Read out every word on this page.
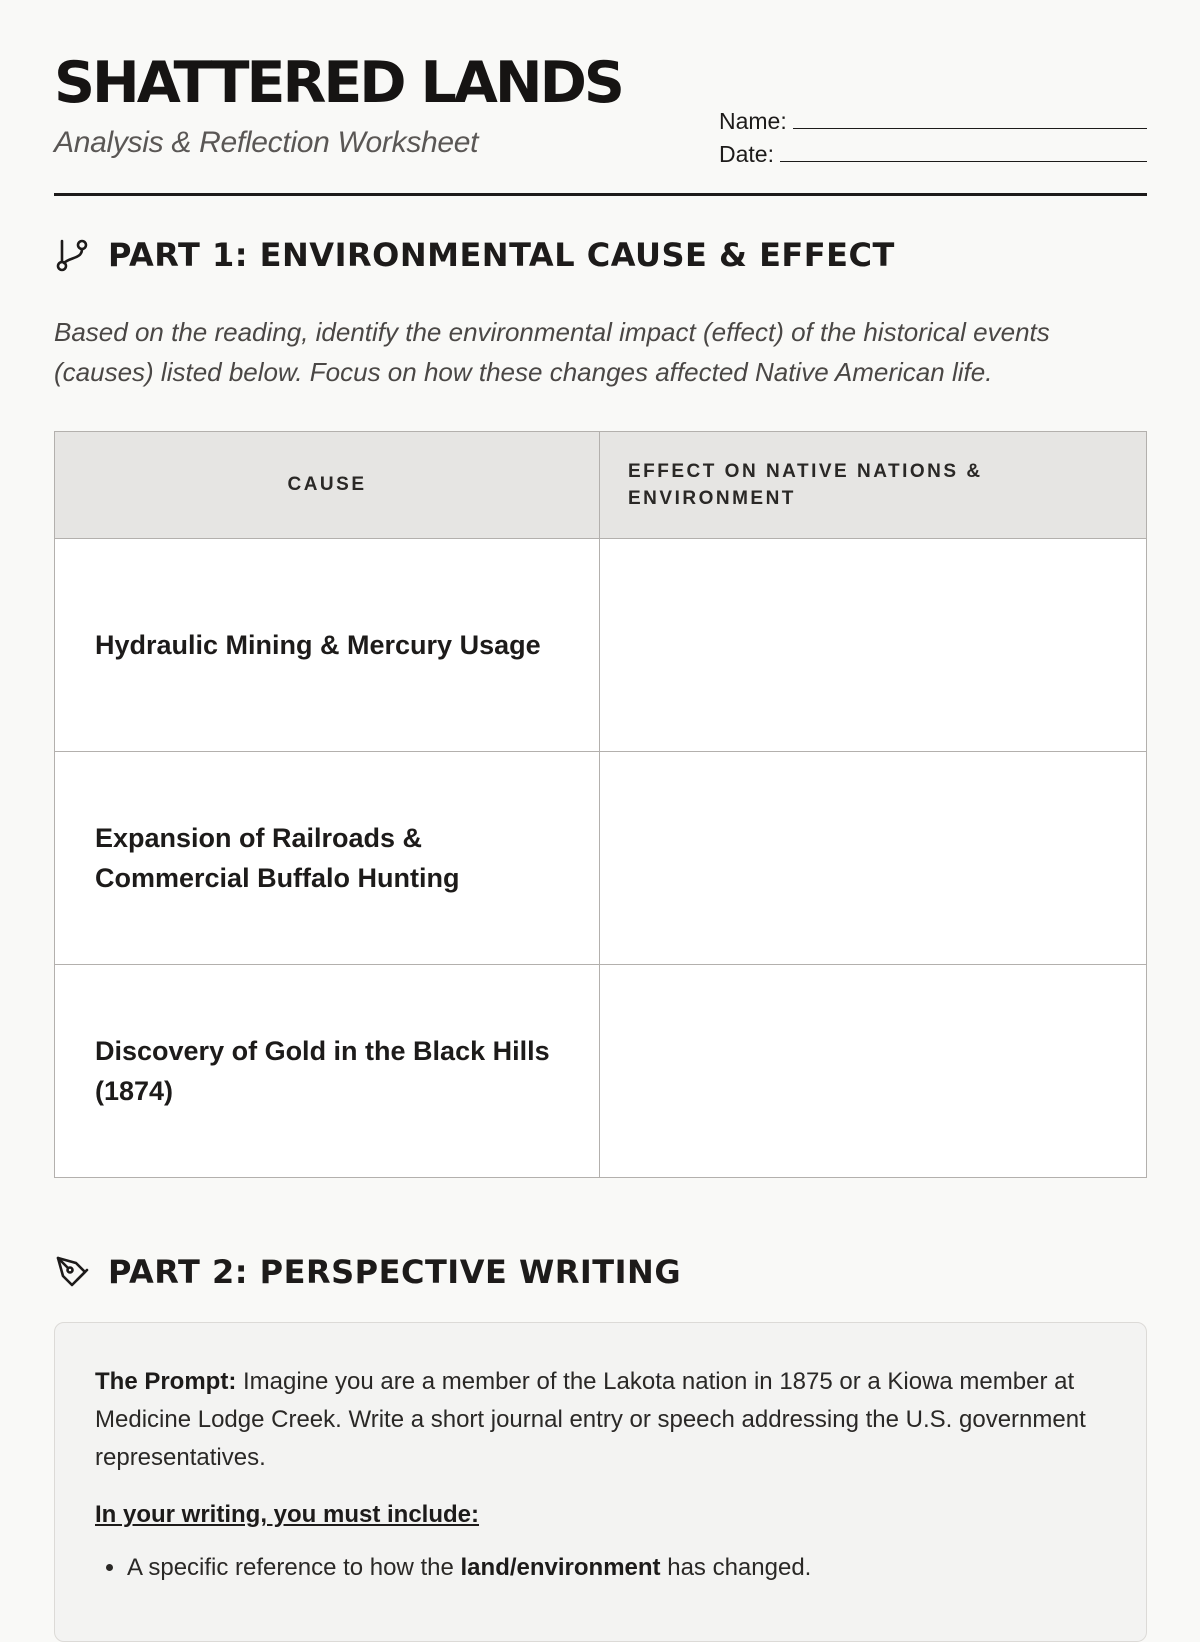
SHATTERED LANDS
Analysis & Reflection Worksheet
Name:
Date:
PART 1: ENVIRONMENTAL CAUSE & EFFECT
Based on the reading, identify the environmental impact (effect) of the historical events (causes) listed below. Focus on how these changes affected Native American life.
CAUSE	EFFECT ON NATIVE NATIONS & ENVIRONMENT
Hydraulic Mining & Mercury Usage	
Expansion of Railroads & Commercial Buffalo Hunting	
Discovery of Gold in the Black Hills (1874)	
PART 2: PERSPECTIVE WRITING

The Prompt: Imagine you are a member of the Lakota nation in 1875 or a Kiowa member at Medicine Lodge Creek. Write a short journal entry or speech addressing the U.S. government representatives.

In your writing, you must include:
• A specific reference to how the land/environment has changed.
